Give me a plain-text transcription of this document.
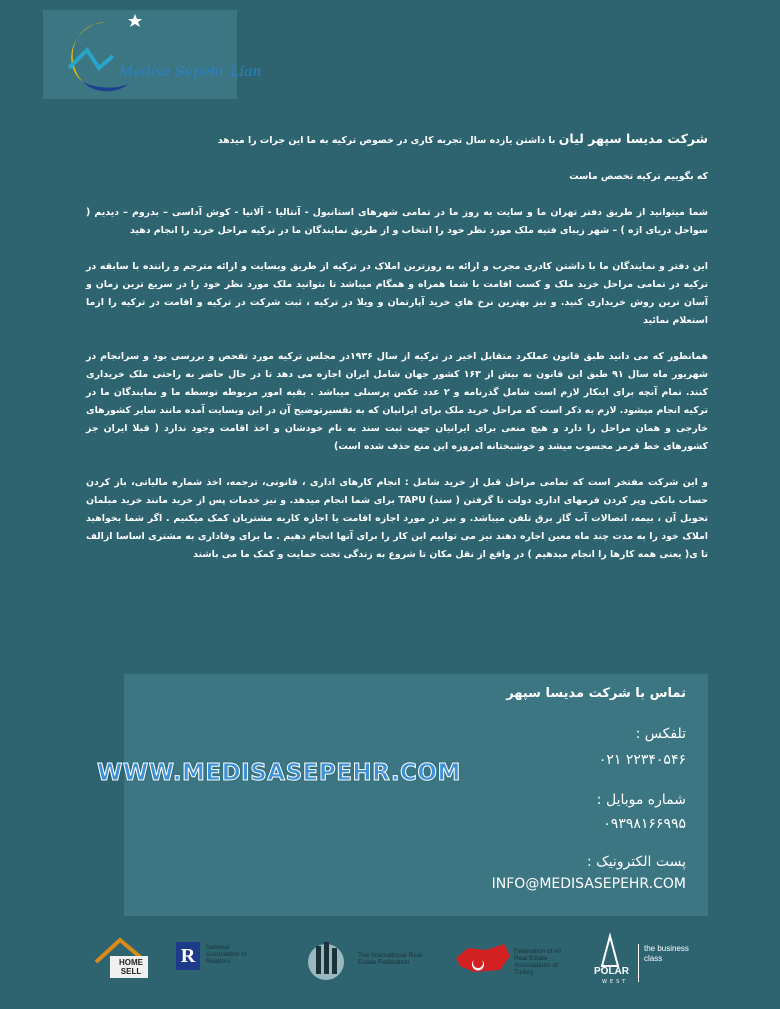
Medisa Sepehr Lian

شرکت مدیسا سپهر لیان با داشتن یازده سال تجربه کاری در خصوص ترکیه به ما این جرات را میدهد

که بگوییم ترکیه تخصص ماست

شما میتوانید از طریق دفتر تهران ما و سایت به روز ما در تمامی شهرهای استانبول - آنتالیا - آلانیا - کوش آداسی – بدروم – دیدیم ( سواحل دریای اژه ) – شهر زیبای فتیه ملک مورد نظر خود را انتخاب و از طریق نمایندگان ما در ترکیه مراحل خرید را انجام دهید

این دفتر و نمایندگان ما با داشتن کادری مجرب و ارائه به روزترین املاک در ترکیه از طریق وبسایت و ارائه مترجم و راننده با سابقه در ترکیه در تمامی مراحل خرید ملک و کسب اقامت با شما همراه و همگام میباشد تا بتوانید ملک مورد نظر خود را در سریع ترین زمان و آسان ترین روش خریداری کنید. و نیز بهترین نرخ هاي خرید آپارتمان و ویلا در ترکیه ، ثبت شرکت در ترکیه و اقامت در ترکیه را ازما استعلام نمائید

همانطور که می دانید طبق قانون عملکرد متقابل اخیر در ترکیه از سال ۱۹۳۶در مجلس ترکیه مورد تفحص و بررسی بود و سرانجام در شهریور ماه سال ۹۱ طبق این قانون به بیش از ۱۶۳ کشور جهان شامل ایران اجازه می دهد تا در حال حاضر به راحتی ملک خریداری کنند. تمام آنچه برای اینکار لازم است شامل گذرنامه و ۲ عدد عکس پرسنلی میباشد . بقیه امور مربوطه توسطه ما و نمایندگان ما در ترکیه انجام میشود. لازم به ذکر است که مراحل خرید ملک برای ایرانیان که به تفسیرتوضیح آن در این وبسایت آمده مانند سایر کشورهای خارجی و همان مراحل را دارد و هیچ منعی برای ایرانیان جهت ثبت سند به نام خودشان و اخذ اقامت وجود ندارد ( قبلا ایران جز کشورهای خط قرمز محسوب میشد و خوشبختانه امروزه این منع حذف شده است)

و این شرکت مفتخر است که تمامی مراحل قبل از خرید شامل : انجام کارهای اداری ، قانونی، ترجمه، اخذ شماره مالیاتی، باز کردن حساب بانکی وپر کردن فرمهای اداری دولت تا گرفتن ( سند) TAPU برای شما انجام میدهد. و نیز خدمات پس از خرید مانند خرید مبلمان تحویل آن ، بیمه، اتصالات آب گاز برق تلفن میباشد. و نیز در مورد اجازه اقامت یا اجازه کاربه مشتریان کمک میکنیم . اگر شما بخواهید املاک خود را به مدت چند ماه معین اجاره دهند نیز می توانیم این کار را برای آنها انجام دهیم . ما برای وفاداری به مشتری اساسا ازالف تا ی( یعنی همه کارها را انجام میدهیم ) در واقع از نقل مکان تا شروع به زندگی تحت حمایت و کمک ما می باشند

تماس با شرکت مدیسا سپهر
تلفکس :
۰۲۱ ۲۲۳۴۰۵۴۶
شماره موبایل :
۰۹۳۹۸۱۶۶۹۹۵
پست الکترونیک :
INFO@MEDISASEPEHR.COM
WWW.MEDISASEPEHR.COM
HOME SELL
R	National Association of Realtors
The International Real Estate Federation
Federation of All Real Estate Associations of Turkey	POLAR
WEST
the business class
